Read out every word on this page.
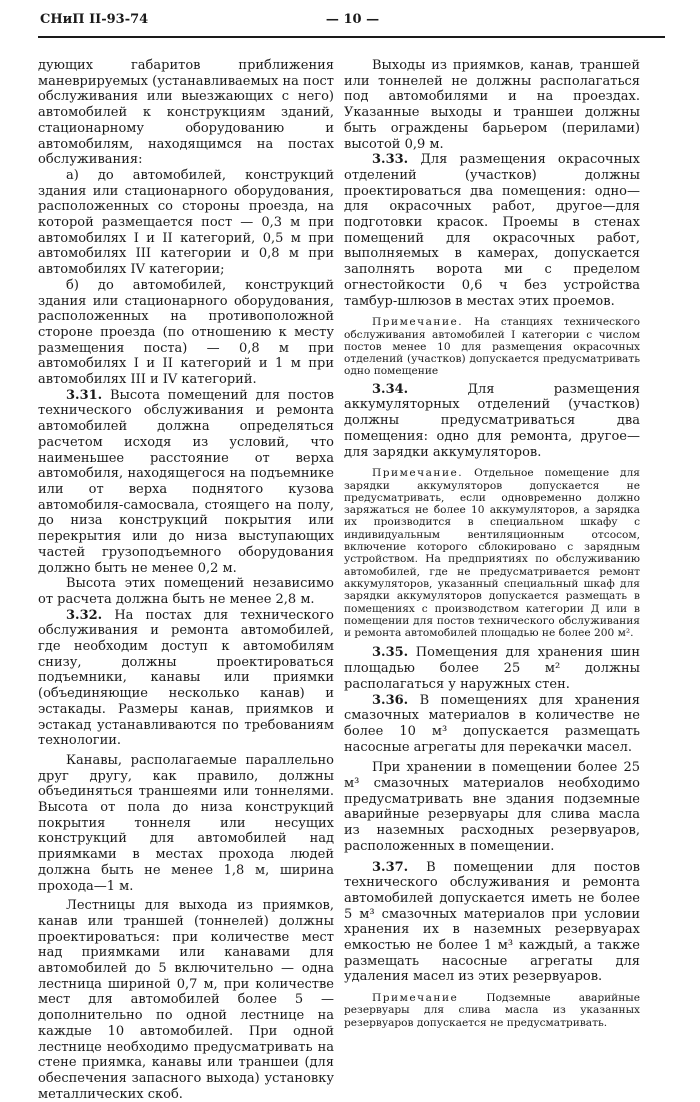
СНиП II-93-74	— 10 —

дующих габаритов приближения маневрируемых (устанавливаемых на пост обслуживания или выезжающих с него) автомобилей к конструкциям зданий, стационарному оборудованию и автомобилям, находящимся на постах обслуживания:

а) до автомобилей, конструкций здания или стационарного оборудования, расположенных со стороны проезда, на которой размещается пост — 0,3 м при автомобилях I и II категорий, 0,5 м при автомобилях III категории и 0,8 м при автомобилях IV категории;

б) до автомобилей, конструкций здания или стационарного оборудования, расположенных на противоположной стороне проезда (по отношению к месту размещения поста) — 0,8 м при автомобилях I и II категорий и 1 м при автомобилях III и IV категорий.

3.31. Высота помещений для постов технического обслуживания и ремонта автомобилей должна определяться расчетом исходя из условий, что наименьшее расстояние от верха автомобиля, находящегося на подъемнике или от верха поднятого кузова автомобиля-самосвала, стоящего на полу, до низа конструкций покрытия или перекрытия или до низа выступающих частей грузоподъемного оборудования должно быть не менее 0,2 м.

Высота этих помещений независимо от расчета должна быть не менее 2,8 м.

3.32. На постах для технического обслуживания и ремонта автомобилей, где необходим доступ к автомобилям снизу, должны проектироваться подъемники, канавы или приямки (объединяющие несколько канав) и эстакады. Размеры канав, приямков и эстакад устанавливаются по требованиям технологии.

Канавы, располагаемые параллельно друг другу, как правило, должны объединяться траншеями или тоннелями. Высота от пола до низа конструкций покрытия тоннеля или несущих конструкций для автомобилей над приямками в местах прохода людей должна быть не менее 1,8 м, ширина прохода—1 м.

Лестницы для выхода из приямков, канав или траншей (тоннелей) должны проектироваться: при количестве мест над приямками или канавами для автомобилей до 5 включительно — одна лестница шириной 0,7 м, при количестве мест для автомобилей более 5 — дополнительно по одной лестнице на каждые 10 автомобилей. При одной лестнице необходимо предусматривать на стене приямка, канавы или траншеи (для обеспечения запасного выхода) установку металлических скоб.

Выходы из приямков, канав, траншей или тоннелей не должны располагаться под автомобилями и на проездах. Указанные выходы и траншеи должны быть ограждены барьером (перилами) высотой 0,9 м.

3.33. Для размещения окрасочных отделений (участков) должны проектироваться два помещения: одно—для окрасочных работ, другое—для подготовки красок. Проемы в стенах помещений для окрасочных работ, выполняемых в камерах, допускается заполнять ворота ми с пределом огнестойкости 0,6 ч без устройства тамбур-шлюзов в местах этих проемов.

Примечание. На станциях технического обслуживания автомобилей I категории с числом постов менее 10 для размещения окрасочных отделений (участков) допускается предусматривать одно помещение

3.34. Для размещения аккумуляторных отделений (участков) должны предусматриваться два помещения: одно для ремонта, другое—для зарядки аккумуляторов.

Примечание. Отдельное помещение для зарядки аккумуляторов допускается не предусматривать, если одновременно должно заряжаться не более 10 аккумуляторов, а зарядка их производится в специальном шкафу с индивидуальным вентиляционным отсосом, включение которого сблокировано с зарядным устройством. На предприятиях по обслуживанию автомобилей, где не предусматривается ремонт аккумуляторов, указанный специальный шкаф для зарядки аккумуляторов допускается размещать в помещениях с производством категории Д или в помещении для постов технического обслуживания и ремонта автомобилей площадью не более 200 м².

3.35. Помещения для хранения шин площадью более 25 м² должны располагаться у наружных стен.

3.36. В помещениях для хранения смазочных материалов в количестве не более 10 м³ допускается размещать насосные агрегаты для перекачки масел.

При хранении в помещении более 25 м³ смазочных материалов необходимо предусматривать вне здания подземные аварийные резервуары для слива масла из наземных расходных резервуаров, расположенных в помещении.

3.37. В помещении для постов технического обслуживания и ремонта автомобилей допускается иметь не более 5 м³ смазочных материалов при условии хранения их в наземных резервуарах емкостью не более 1 м³ каждый, а также размещать насосные агрегаты для удаления масел из этих резервуаров.

Примечание Подземные аварийные резервуары для слива масла из указанных резервуаров допускается не предусматривать.
